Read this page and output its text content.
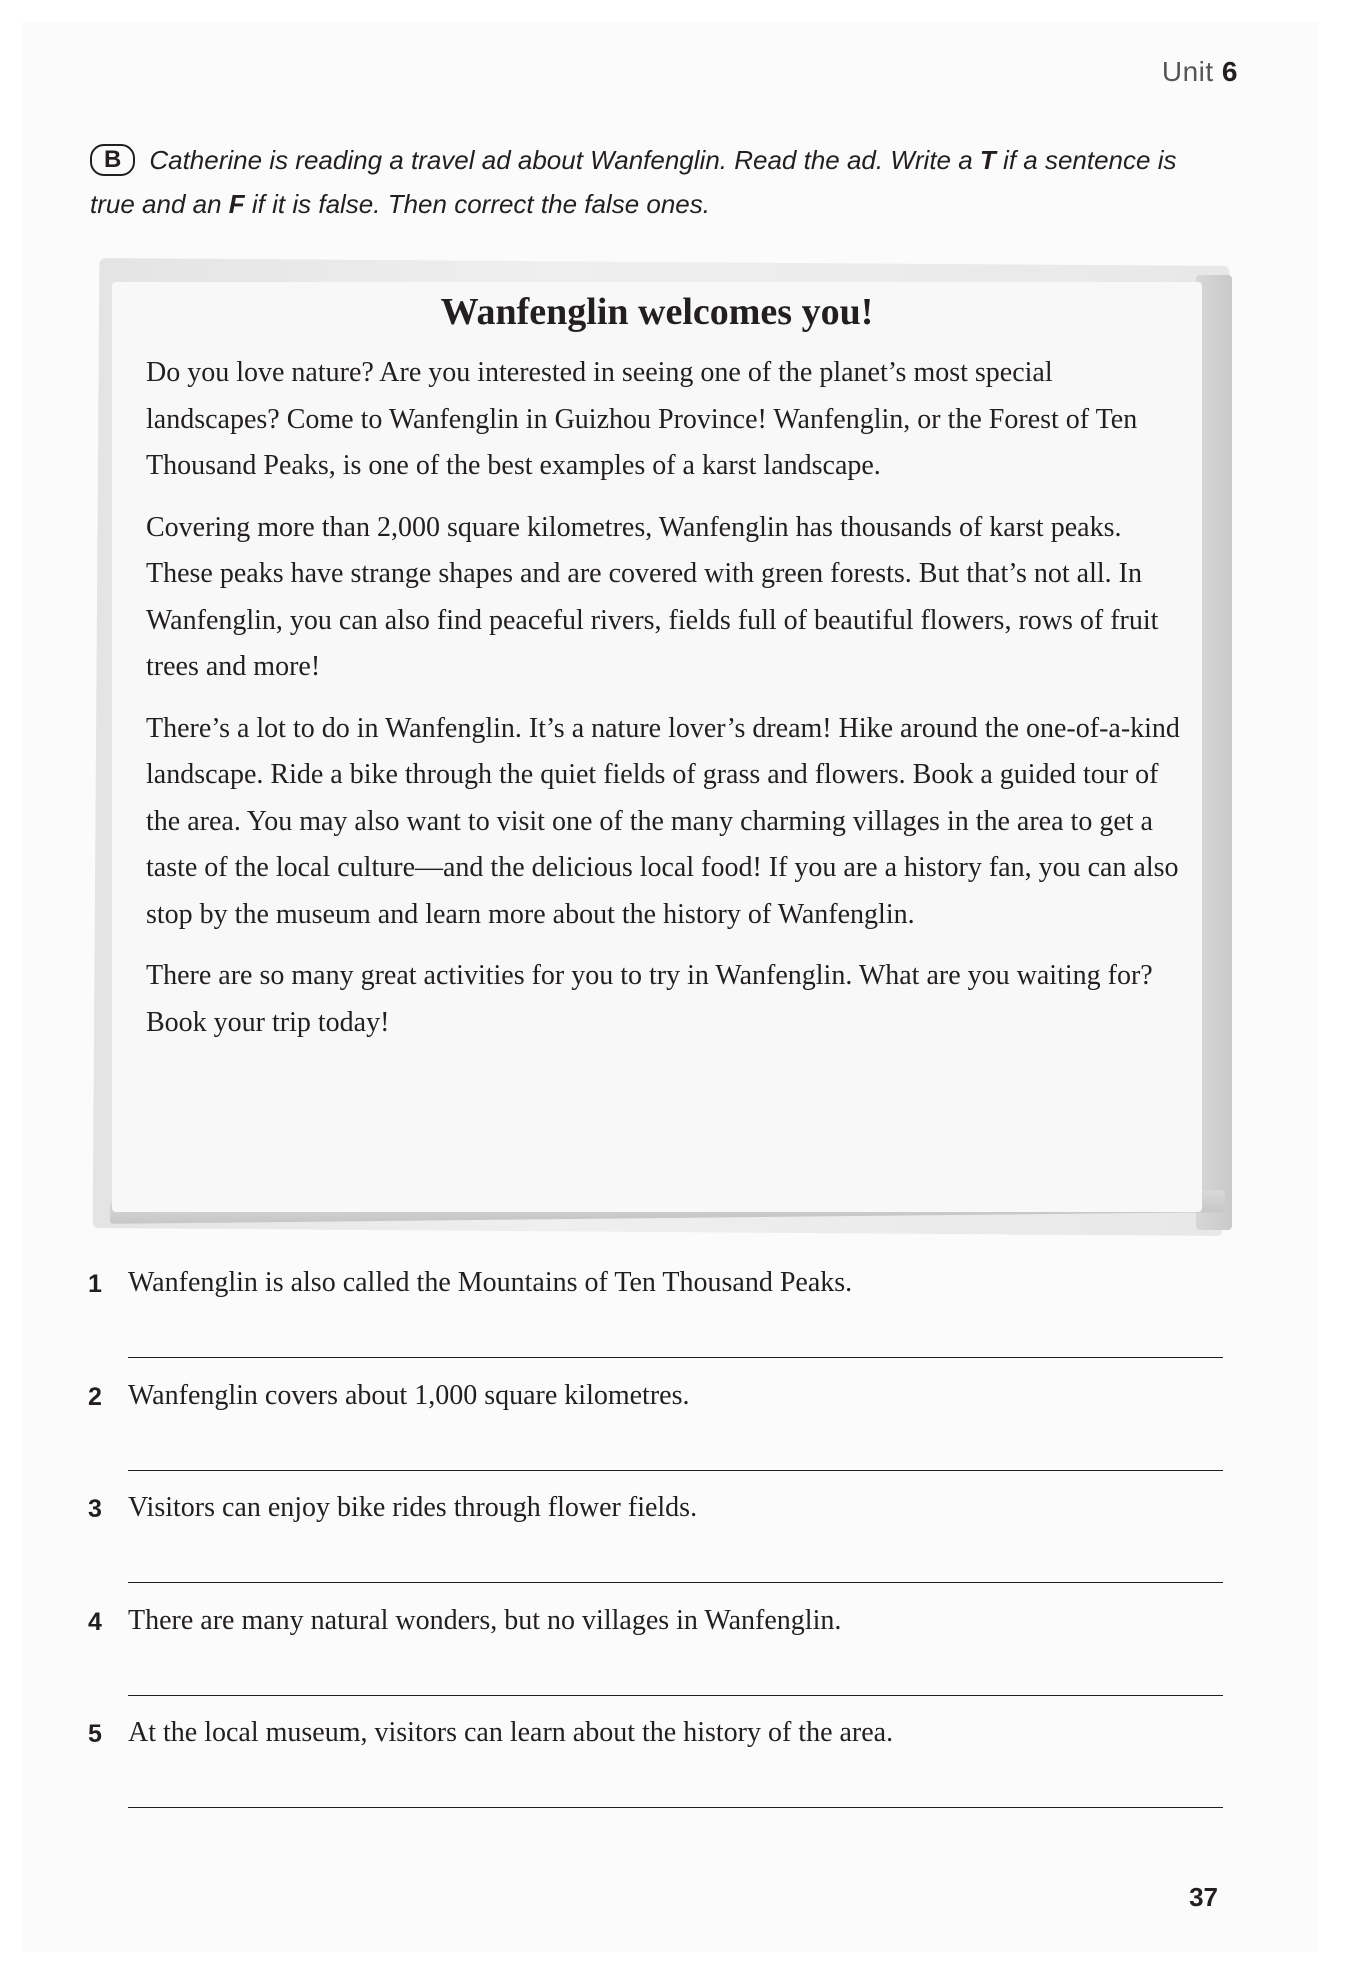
Unit 6
B Catherine is reading a travel ad about Wanfenglin. Read the ad. Write a T if a sentence is true and an F if it is false. Then correct the false ones.
Wanfenglin welcomes you!

Do you love nature? Are you interested in seeing one of the planet’s most special landscapes? Come to Wanfenglin in Guizhou Province! Wanfenglin, or the Forest of Ten Thousand Peaks, is one of the best examples of a karst landscape.

Covering more than 2,000 square kilometres, Wanfenglin has thousands of karst peaks. These peaks have strange shapes and are covered with green forests. But that’s not all. In Wanfenglin, you can also find peaceful rivers, fields full of beautiful flowers, rows of fruit trees and more!

There’s a lot to do in Wanfenglin. It’s a nature lover’s dream! Hike around the one-of-a-kind landscape. Ride a bike through the quiet fields of grass and flowers. Book a guided tour of the area. You may also want to visit one of the many charming villages in the area to get a taste of the local culture—and the delicious local food! If you are a history fan, you can also stop by the museum and learn more about the history of Wanfenglin.

There are so many great activities for you to try in Wanfenglin. What are you waiting for? Book your trip today!

1 Wanfenglin is also called the Mountains of Ten Thousand Peaks.
2 Wanfenglin covers about 1,000 square kilometres.
3 Visitors can enjoy bike rides through flower fields.
4 There are many natural wonders, but no villages in Wanfenglin.
5 At the local museum, visitors can learn about the history of the area.
37
